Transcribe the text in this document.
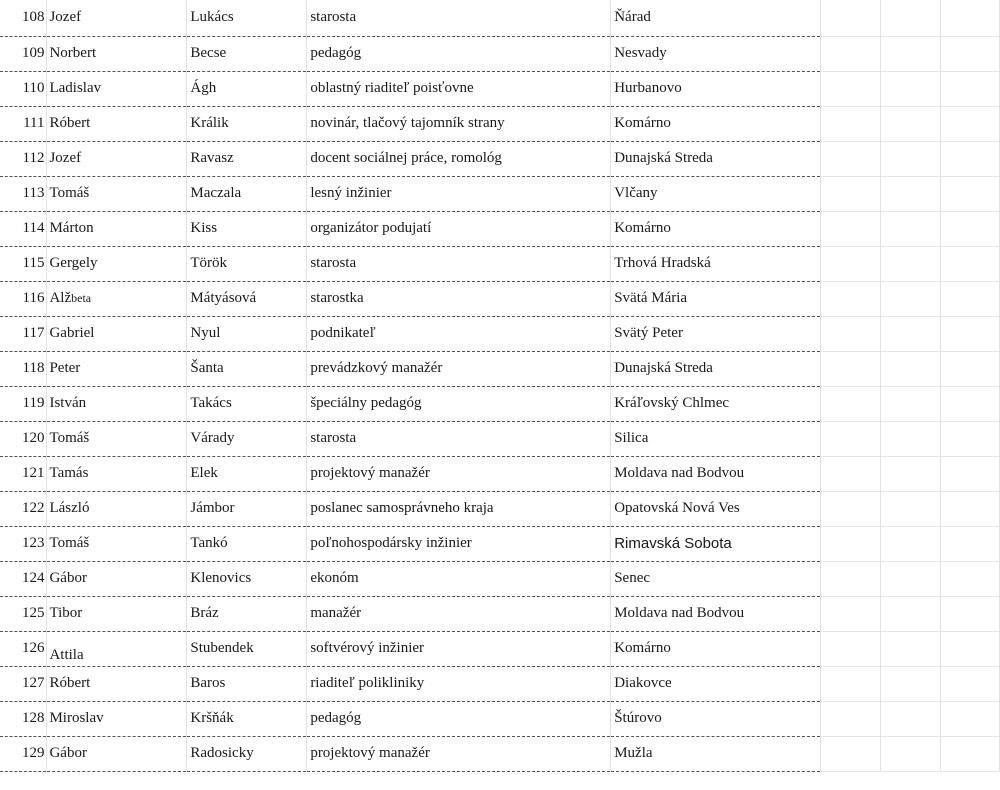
108	Jozef	Lukács	starosta	Ňárad			
109	Norbert	Becse	pedagóg	Nesvady			
110	Ladislav	Ágh	oblastný riaditeľ poisťovne	Hurbanovo			
111	Róbert	Králik	novinár, tlačový tajomník strany	Komárno			
112	Jozef	Ravasz	docent sociálnej práce, romológ	Dunajská Streda			
113	Tomáš	Maczala	lesný inžinier	Vlčany			
114	Márton	Kiss	organizátor podujatí	Komárno			
115	Gergely	Török	starosta	Trhová Hradská			
116	Alžbeta	Mátyásová	starostka	Svätá Mária			
117	Gabriel	Nyul	podnikateľ	Svätý Peter			
118	Peter	Šanta	prevádzkový manažér	Dunajská Streda			
119	István	Takács	špeciálny pedagóg	Kráľovský Chlmec			
120	Tomáš	Várady	starosta	Silica			
121	Tamás	Elek	projektový manažér	Moldava nad Bodvou			
122	László	Jámbor	poslanec samosprávneho kraja	Opatovská Nová Ves			
123	Tomáš	Tankó	poľnohospodársky inžinier	Rimavská Sobota			
124	Gábor	Klenovics	ekonóm	Senec			
125	Tibor	Bráz	manažér	Moldava nad Bodvou			
126	Attila	Stubendek	softvérový inžinier	Komárno			
127	Róbert	Baros	riaditeľ polikliniky	Diakovce			
128	Miroslav	Kršňák	pedagóg	Štúrovo			
129	Gábor	Radosicky	projektový manažér	Mužla			
